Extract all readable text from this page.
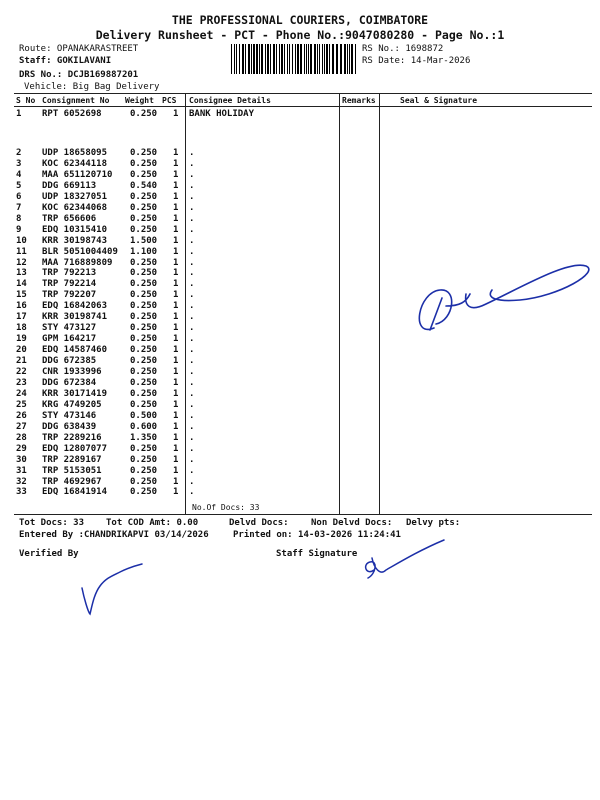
THE PROFESSIONAL COURIERS, COIMBATORE
Delivery Runsheet - PCT - Phone No.:9047080280 - Page No.:1
Route: OPANAKARASTREET
Staff: GOKILAVANI
DRS No.: DCJB169887201
Vehicle: Big Bag Delivery
RS No.: 1698872
RS Date: 14-Mar-2026
S No Consignment No Weight PCS Consignee Details	Remarks	Seal & Signature
1 RPT 6052698	0.250 1 BANK HOLIDAY
2 UDP 18658095	0.250 1 .
3 KOC 62344118	0.250 1 .
4 MAA 651120710 0.250 1 .
5 DDG 669113	0.540 1 .
6 UDP 18327051	0.250 1 .
7 KOC 62344068	0.250 1 .
8 TRP 656606	0.250 1 .
9 EDQ 10315410	0.250 1 .
10 KRR 30198743	1.500 1 .
11 BLR 5051004409 1.100 1 .
12 MAA 716889809 0.250 1 .
13 TRP 792213	0.250 1 .
14 TRP 792214	0.250 1 .
15 TRP 792207	0.250 1 .
16 EDQ 16842063	0.250 1 .
17 KRR 30198741	0.250 1 .
18 STY 473127	0.250 1 .
19 GPM 164217	0.250 1 .
20 EDQ 14587460	0.250 1 .
21 DDG 672385	0.250 1 .
22 CNR 1933996	0.250 1 .
23 DDG 672384	0.250 1 .
24 KRR 30171419	0.250 1 .
25 KRG 4749205	0.250 1 .
26 STY 473146	0.500 1 .
27 DDG 638439	0.600 1 .
28 TRP 2289216	1.350 1 .
29 EDQ 12807077	0.250 1 .
30 TRP 2289167	0.250 1 .
31 TRP 5153051	0.250 1 .
32 TRP 4692967	0.250 1 .
33 EDQ 16841914	0.250 1 .
No.Of Docs: 33
Tot Docs: 33 Tot COD Amt: 0.00	Delvd Docs: Non Delvd Docs: Delvy pts:
Entered By :CHANDRIKAPVI 03/14/2026	Printed on: 14-03-2026 11:24:41
Verified By	Staff Signature
